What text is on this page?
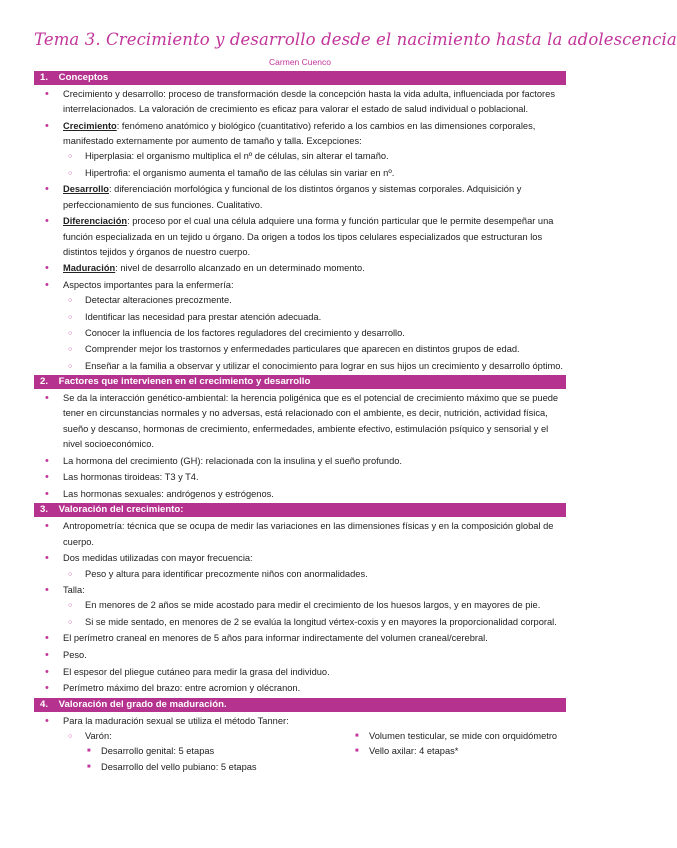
Tema 3. Crecimiento y desarrollo desde el nacimiento hasta la adolescencia
Carmen Cuenco
1. Conceptos
• Crecimiento y desarrollo: proceso de transformación desde la concepción hasta la vida adulta, influenciada por factores interrelacionados. La valoración de crecimiento es eficaz para valorar el estado de salud individual o poblacional.
• Crecimiento: fenómeno anatómico y biológico (cuantitativo) referido a los cambios en las dimensiones corporales, manifestado externamente por aumento de tamaño y talla. Excepciones:
○ Hiperplasia: el organismo multiplica el nº de células, sin alterar el tamaño.
○ Hipertrofia: el organismo aumenta el tamaño de las células sin variar en nº.
• Desarrollo: diferenciación morfológica y funcional de los distintos órganos y sistemas corporales. Adquisición y perfeccionamiento de sus funciones. Cualitativo.
• Diferenciación: proceso por el cual una célula adquiere una forma y función particular que le permite desempeñar una función especializada en un tejido u órgano. Da origen a todos los tipos celulares especializados que estructuran los distintos tejidos y órganos de nuestro cuerpo.
• Maduración: nivel de desarrollo alcanzado en un determinado momento.
• Aspectos importantes para la enfermería:
○ Detectar alteraciones precozmente.
○ Identificar las necesidad para prestar atención adecuada.
○ Conocer la influencia de los factores reguladores del crecimiento y desarrollo.
○ Comprender mejor los trastornos y enfermedades particulares que aparecen en distintos grupos de edad.
○ Enseñar a la familia a observar y utilizar el conocimiento para lograr en sus hijos un crecimiento y desarrollo óptimo.
2. Factores que intervienen en el crecimiento y desarrollo
• Se da la interacción genético-ambiental: la herencia poligénica que es el potencial de crecimiento máximo que se puede tener en circunstancias normales y no adversas, está relacionado con el ambiente, es decir, nutrición, actividad física, sueño y descanso, hormonas de crecimiento, enfermedades, ambiente efectivo, estimulación psíquico y sensorial y el nivel socioeconómico.
• La hormona del crecimiento (GH): relacionada con la insulina y el sueño profundo.
• Las hormonas tiroideas: T3 y T4.
• Las hormonas sexuales: andrógenos y estrógenos.
3. Valoración del crecimiento:
• Antropometría: técnica que se ocupa de medir las variaciones en las dimensiones físicas y en la composición global de cuerpo.
• Dos medidas utilizadas con mayor frecuencia:
○ Peso y altura para identificar precozmente niños con anormalidades.
• Talla:
○ En menores de 2 años se mide acostado para medir el crecimiento de los huesos largos, y en mayores de pie.
○ Si se mide sentado, en menores de 2 se evalúa la longitud vértex-coxis y en mayores la proporcionalidad corporal.
• El perímetro craneal en menores de 5 años para informar indirectamente del volumen craneal/cerebral.
• Peso.
• El espesor del pliegue cutáneo para medir la grasa del individuo.
• Perímetro máximo del brazo: entre acromion y olécranon.
4. Valoración del grado de maduración.
• Para la maduración sexual se utiliza el método Tanner:
○ Varón:
■ Desarrollo genital: 5 etapas
■ Desarrollo del vello pubiano: 5 etapas
■ Volumen testicular, se mide con orquidómetro
■ Vello axilar: 4 etapas*
